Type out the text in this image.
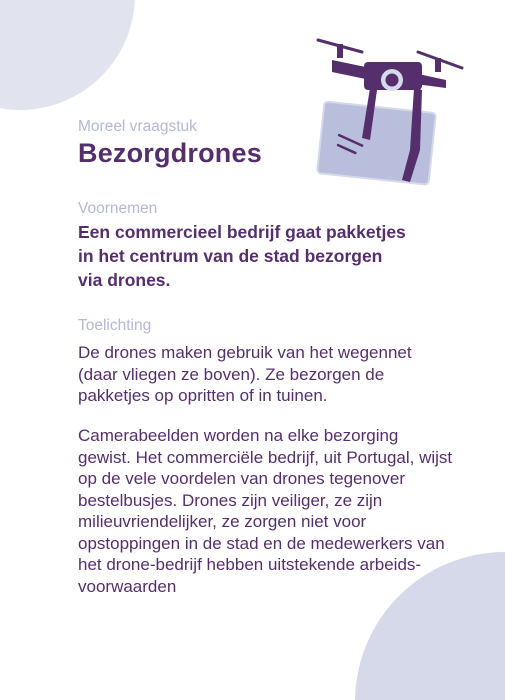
Moreel vraagstuk
Bezorgdrones
Voornemen
Een commercieel bedrijf gaat pakketjes in het centrum van de stad bezorgen via drones.
Toelichting
De drones maken gebruik van het wegennet (daar vliegen ze boven). Ze bezorgen de pakketjes op opritten of in tuinen.
Camerabeelden worden na elke bezorging gewist. Het commerciële bedrijf, uit Portugal, wijst op de vele voordelen van drones tegenover bestelbusjes. Drones zijn veiliger, ze zijn milieuvriendelijker, ze zorgen niet voor opstoppingen in de stad en de medewerkers van het drone-bedrijf hebben uitstekende arbeids-voorwaarden
